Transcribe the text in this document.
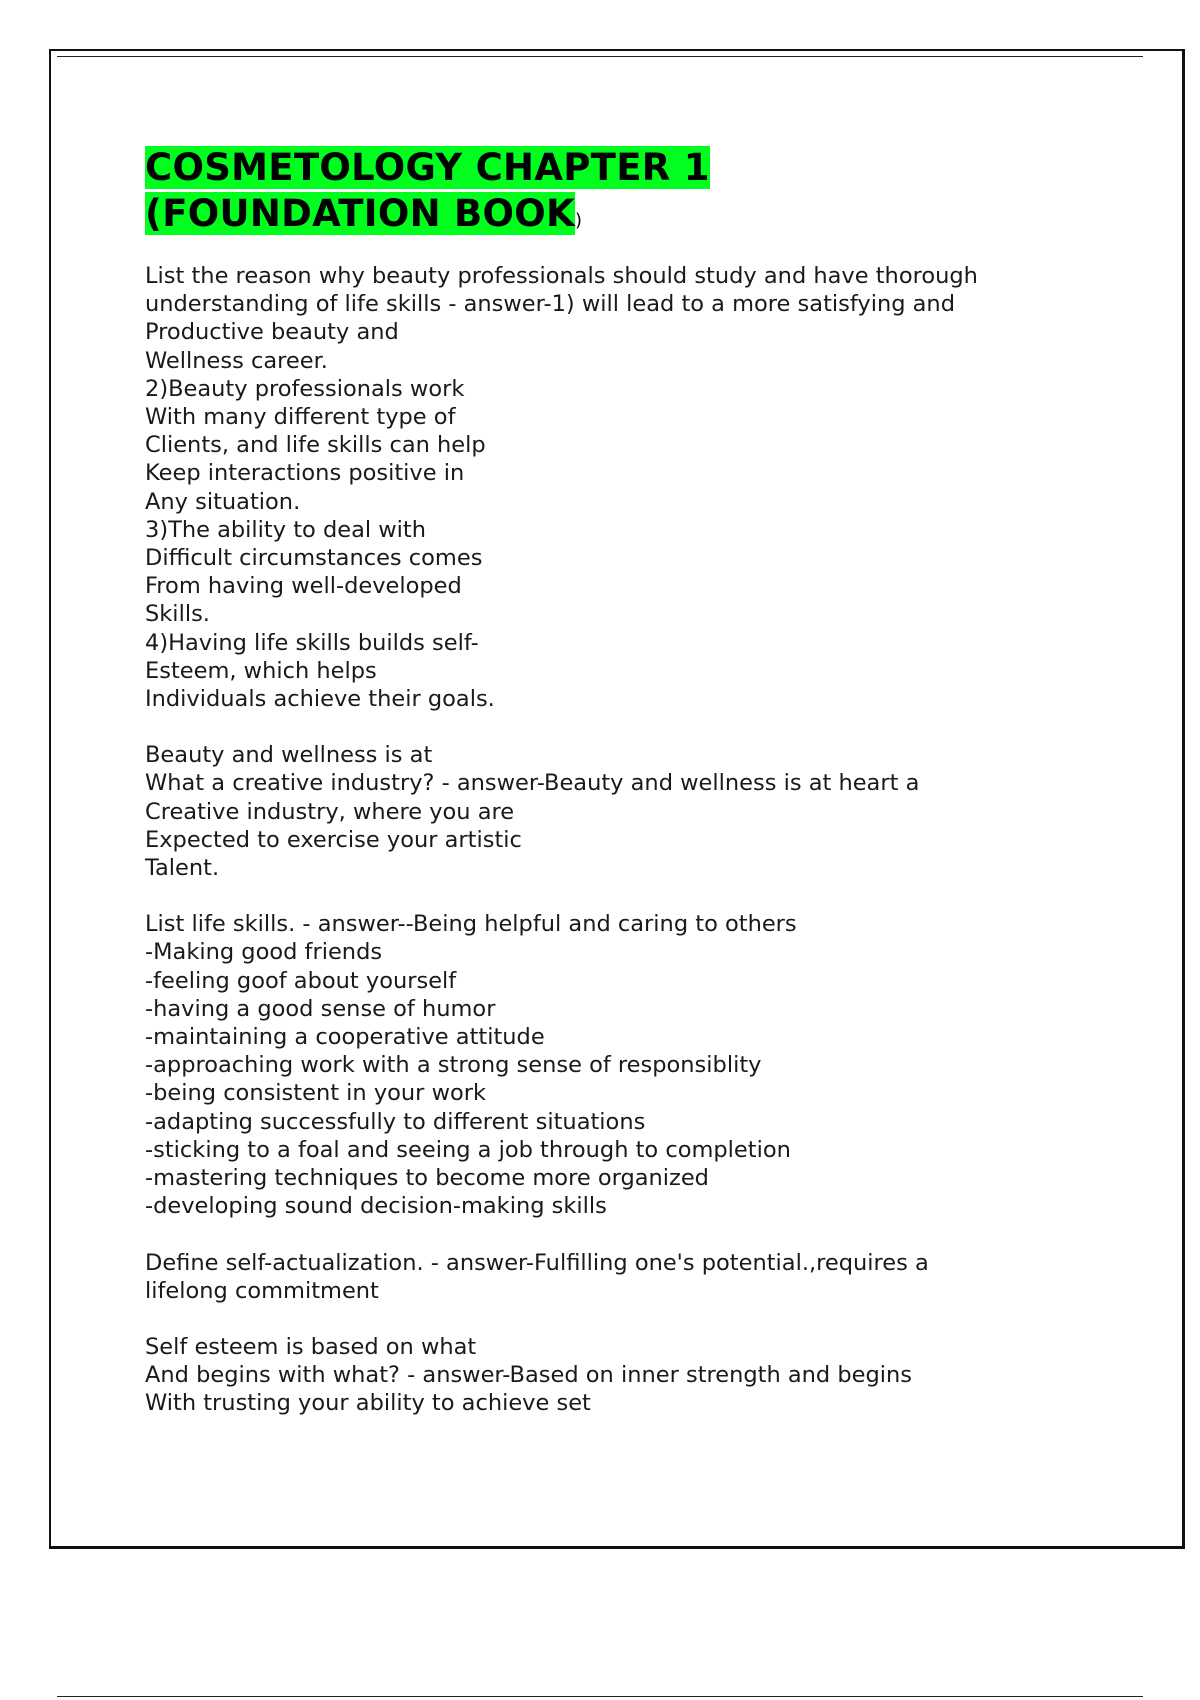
COSMETOLOGY CHAPTER 1
(FOUNDATION BOOK)
List the reason why beauty professionals should study and have thorough
understanding of life skills - answer-1) will lead to a more satisfying and
Productive beauty and
Wellness career.
2)Beauty professionals work
With many different type of
Clients, and life skills can help
Keep interactions positive in
Any situation.
3)The ability to deal with
Difficult circumstances comes
From having well-developed
Skills.
4)Having life skills builds self-
Esteem, which helps
Individuals achieve their goals.
Beauty and wellness is at
What a creative industry? - answer-Beauty and wellness is at heart a
Creative industry, where you are
Expected to exercise your artistic
Talent.
List life skills. - answer--Being helpful and caring to others
-Making good friends
-feeling goof about yourself
-having a good sense of humor
-maintaining a cooperative attitude
-approaching work with a strong sense of responsiblity
-being consistent in your work
-adapting successfully to different situations
-sticking to a foal and seeing a job through to completion
-mastering techniques to become more organized
-developing sound decision-making skills
Define self-actualization. - answer-Fulfilling one's potential.,requires a
lifelong commitment
Self esteem is based on what
And begins with what? - answer-Based on inner strength and begins
With trusting your ability to achieve set
